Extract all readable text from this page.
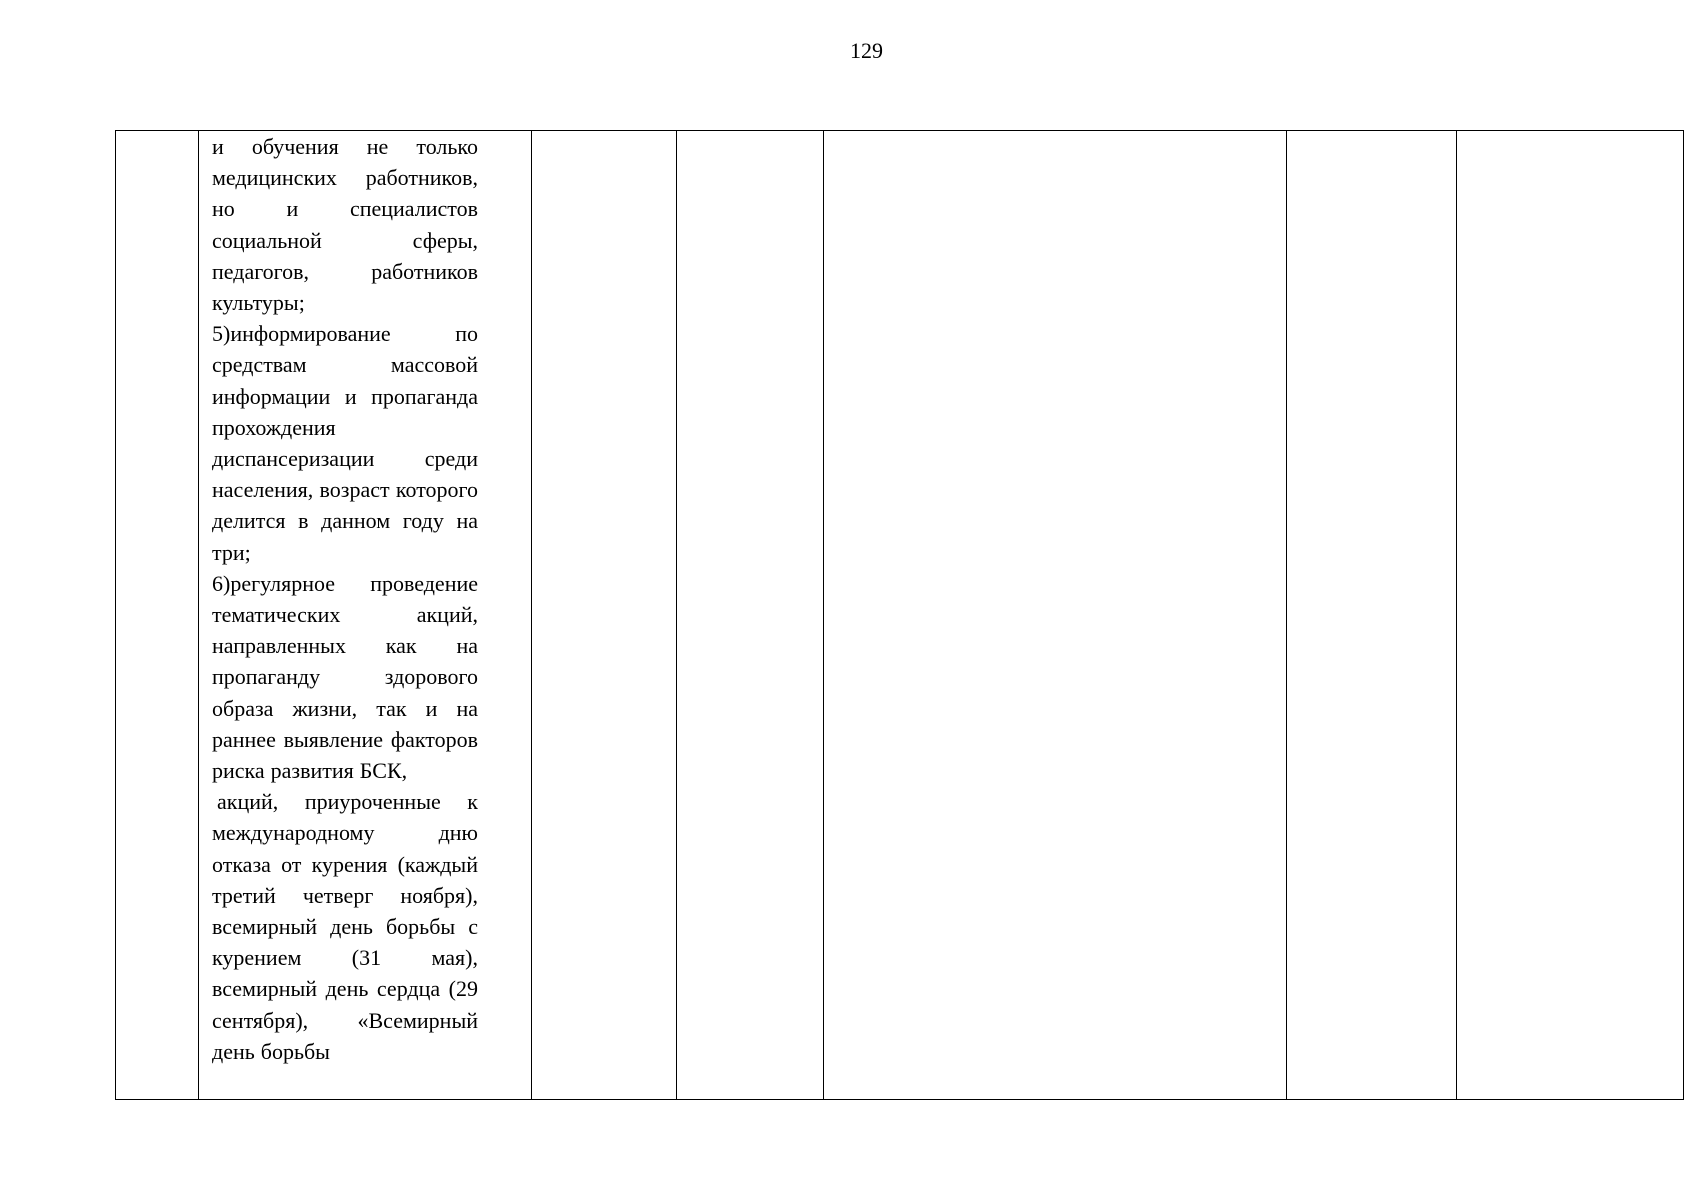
129

и обучения не только медицинских работников, но и специалистов социальной сферы, педагогов, работников культуры;

5)информирование по средствам массовой информации и пропаганда прохождения диспансеризации среди населения, возраст которого делится в данном году на три;

6)регулярное проведение тематических акций, направленных как на пропаганду здорового образа жизни, так и на раннее выявление факторов риска развития БСК,

акций, приуроченные к международному дню отказа от курения (каждый третий четверг ноября), всемирный день борьбы с курением (31 мая), всемирный день сердца (29 сентября), «Всемирный день борьбы
